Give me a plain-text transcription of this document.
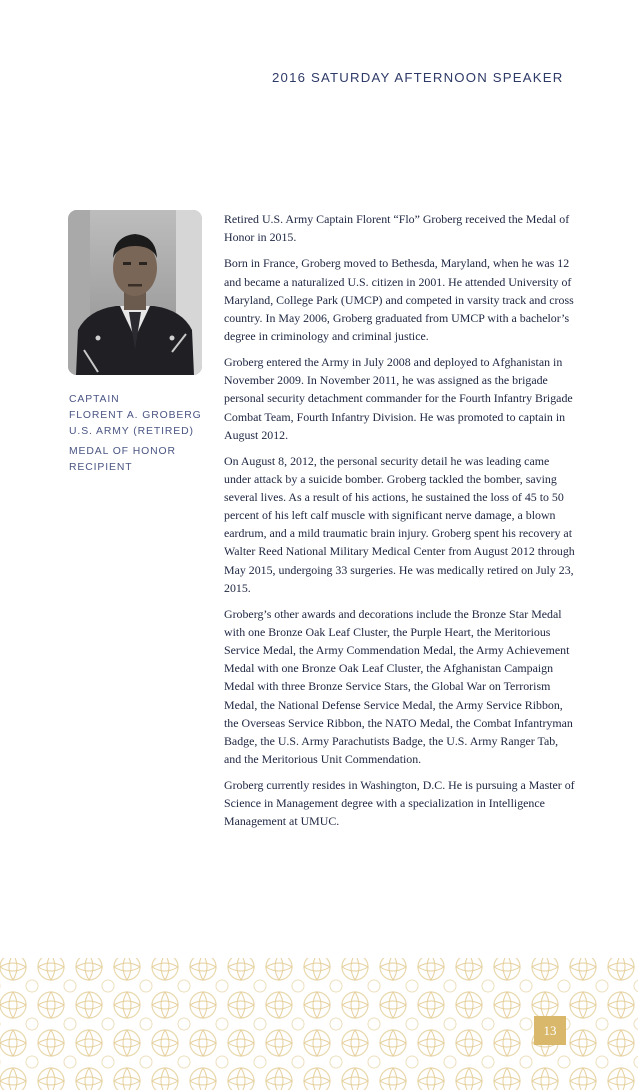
2016 SATURDAY AFTERNOON SPEAKER
CAPTAIN
FLORENT A. GROBERG
U.S. ARMY (RETIRED)
MEDAL OF HONOR
RECIPIENT

Retired U.S. Army Captain Florent “Flo” Groberg received the Medal of Honor in 2015.

Born in France, Groberg moved to Bethesda, Maryland, when he was 12 and became a naturalized U.S. citizen in 2001. He attended University of Maryland, College Park (UMCP) and competed in varsity track and cross country. In May 2006, Groberg graduated from UMCP with a bachelor’s degree in criminology and criminal justice.

Groberg entered the Army in July 2008 and deployed to Afghanistan in November 2009. In November 2011, he was assigned as the brigade personal security detachment commander for the Fourth Infantry Brigade Combat Team, Fourth Infantry Division. He was promoted to captain in August 2012.

On August 8, 2012, the personal security detail he was leading came under attack by a suicide bomber. Groberg tackled the bomber, saving several lives. As a result of his actions, he sustained the loss of 45 to 50 percent of his left calf muscle with significant nerve damage, a blown eardrum, and a mild traumatic brain injury. Groberg spent his recovery at Walter Reed National Military Medical Center from August 2012 through May 2015, undergoing 33 surgeries. He was medically retired on July 23, 2015.

Groberg’s other awards and decorations include the Bronze Star Medal with one Bronze Oak Leaf Cluster, the Purple Heart, the Meritorious Service Medal, the Army Commendation Medal, the Army Achievement Medal with one Bronze Oak Leaf Cluster, the Afghanistan Campaign Medal with three Bronze Service Stars, the Global War on Terrorism Medal, the National Defense Service Medal, the Army Service Ribbon, the Overseas Service Ribbon, the NATO Medal, the Combat Infantryman Badge, the U.S. Army Parachutists Badge, the U.S. Army Ranger Tab, and the Meritorious Unit Commendation.

Groberg currently resides in Washington, D.C. He is pursuing a Master of Science in Management degree with a specialization in Intelligence Management at UMUC.

13
